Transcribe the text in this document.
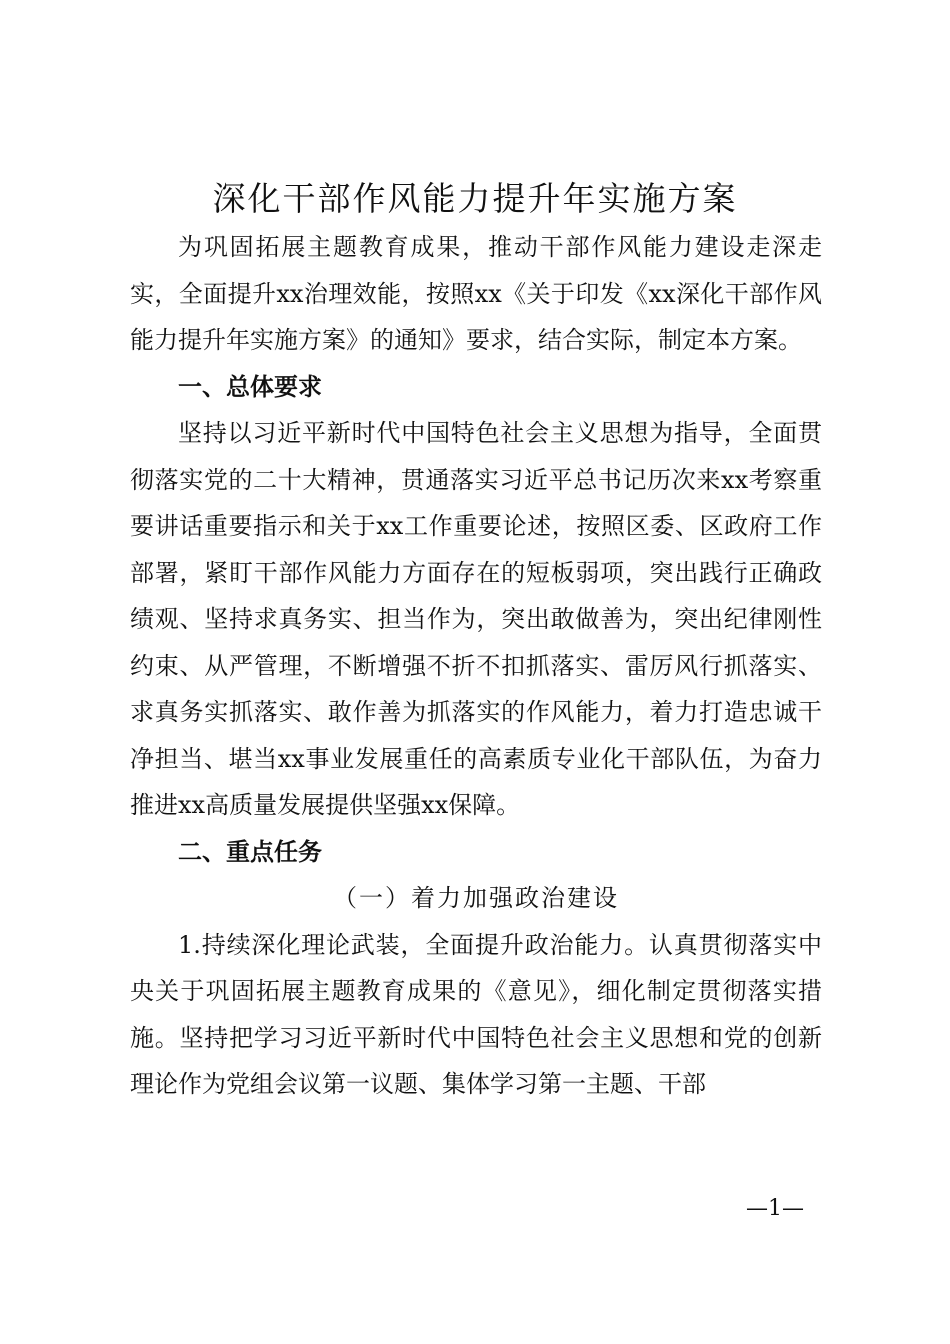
深化干部作风能力提升年实施方案

为巩固拓展主题教育成果，推动干部作风能力建设走深走实，全面提升xx治理效能，按照xx《关于印发《xx深化干部作风能力提升年实施方案》的通知》要求，结合实际，制定本方案。

一、总体要求

坚持以习近平新时代中国特色社会主义思想为指导，全面贯彻落实党的二十大精神，贯通落实习近平总书记历次来xx考察重要讲话重要指示和关于xx工作重要论述，按照区委、区政府工作部署，紧盯干部作风能力方面存在的短板弱项，突出践行正确政绩观、坚持求真务实、担当作为，突出敢做善为，突出纪律刚性约束、从严管理，不断增强不折不扣抓落实、雷厉风行抓落实、求真务实抓落实、敢作善为抓落实的作风能力，着力打造忠诚干净担当、堪当xx事业发展重任的高素质专业化干部队伍，为奋力推进xx高质量发展提供坚强xx保障。

二、重点任务

（一）着力加强政治建设

1.持续深化理论武装，全面提升政治能力。认真贯彻落实中央关于巩固拓展主题教育成果的《意见》，细化制定贯彻落实措施。坚持把学习习近平新时代中国特色社会主义思想和党的创新理论作为党组会议第一议题、集体学习第一主题、干部

—1—
